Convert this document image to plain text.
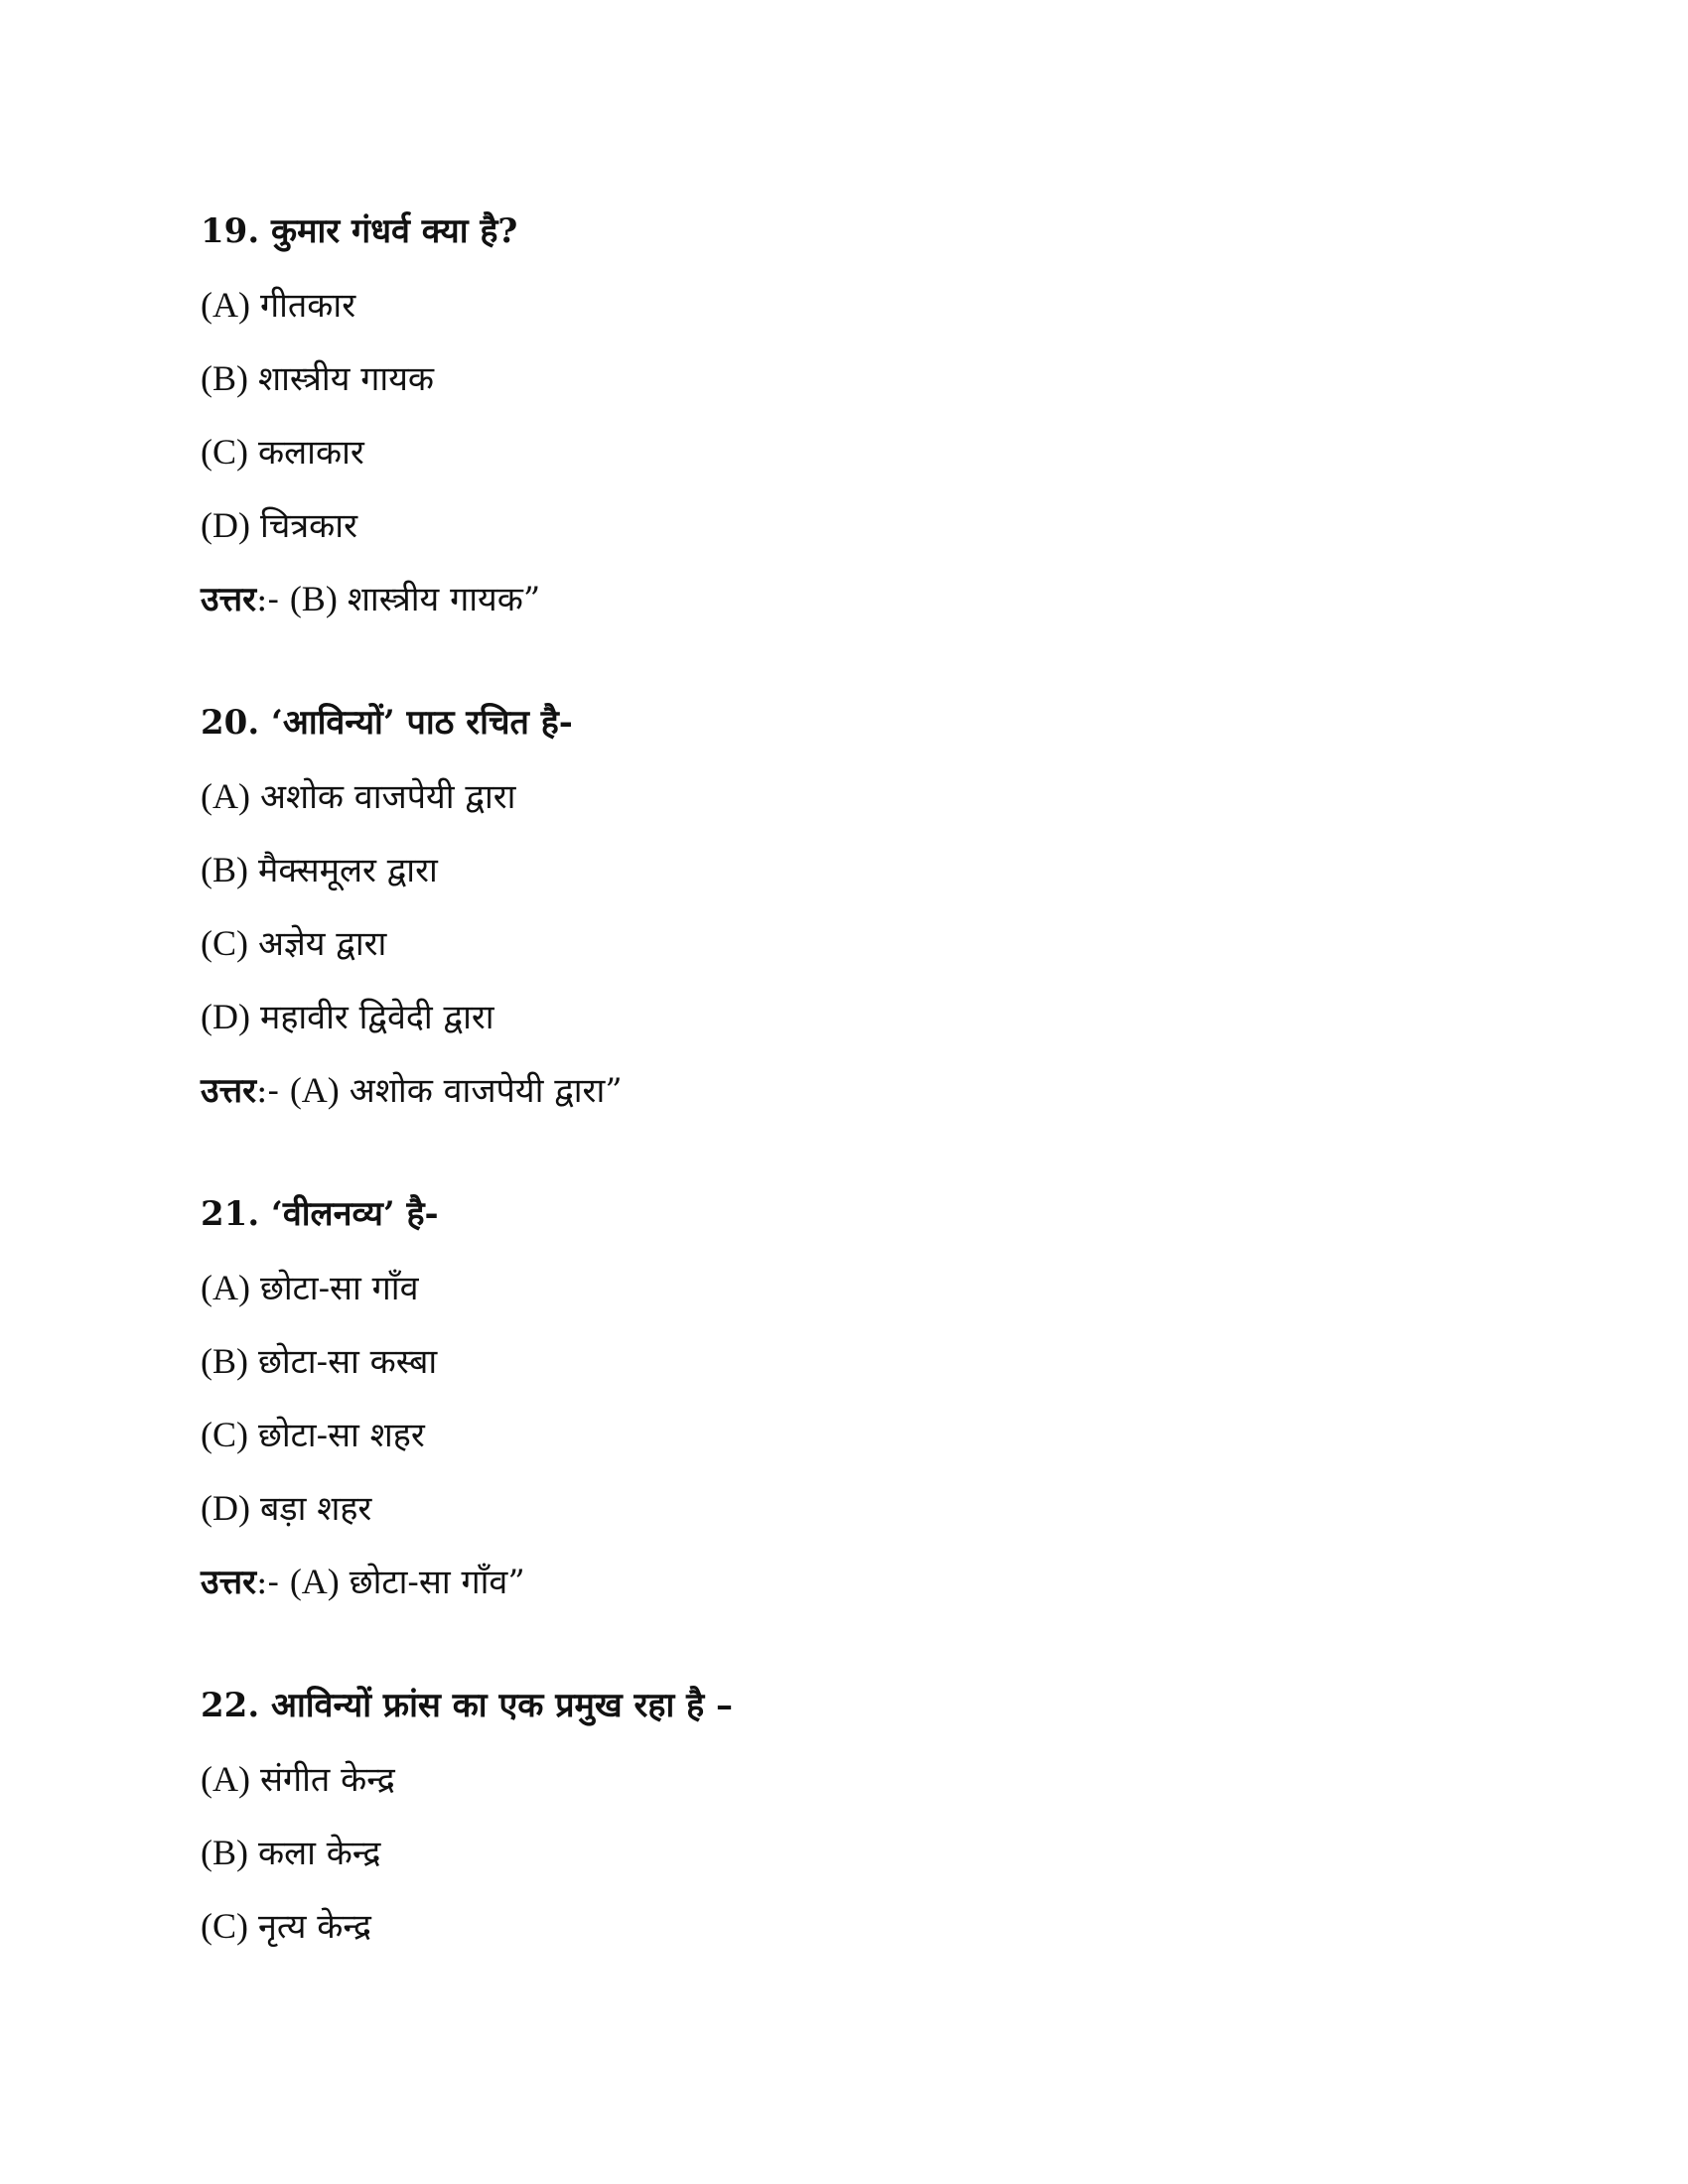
19. कुमार गंधर्व क्या है?
(A) गीतकार
(B) शास्त्रीय गायक
(C) कलाकार
(D) चित्रकार
उत्तर:- (B) शास्त्रीय गायक”
20. ‘आविन्यों’ पाठ रचित है-
(A) अशोक वाजपेयी द्वारा
(B) मैक्समूलर द्वारा
(C) अज्ञेय द्वारा
(D) महावीर द्विवेदी द्वारा
उत्तर:- (A) अशोक वाजपेयी द्वारा”
21. ‘वीलनव्य’ है-
(A) छोटा-सा गाँव
(B) छोटा-सा कस्बा
(C) छोटा-सा शहर
(D) बड़ा शहर
उत्तर:- (A) छोटा-सा गाँव”
22. आविन्यों फ्रांस का एक प्रमुख रहा है –
(A) संगीत केन्द्र
(B) कला केन्द्र
(C) नृत्य केन्द्र
